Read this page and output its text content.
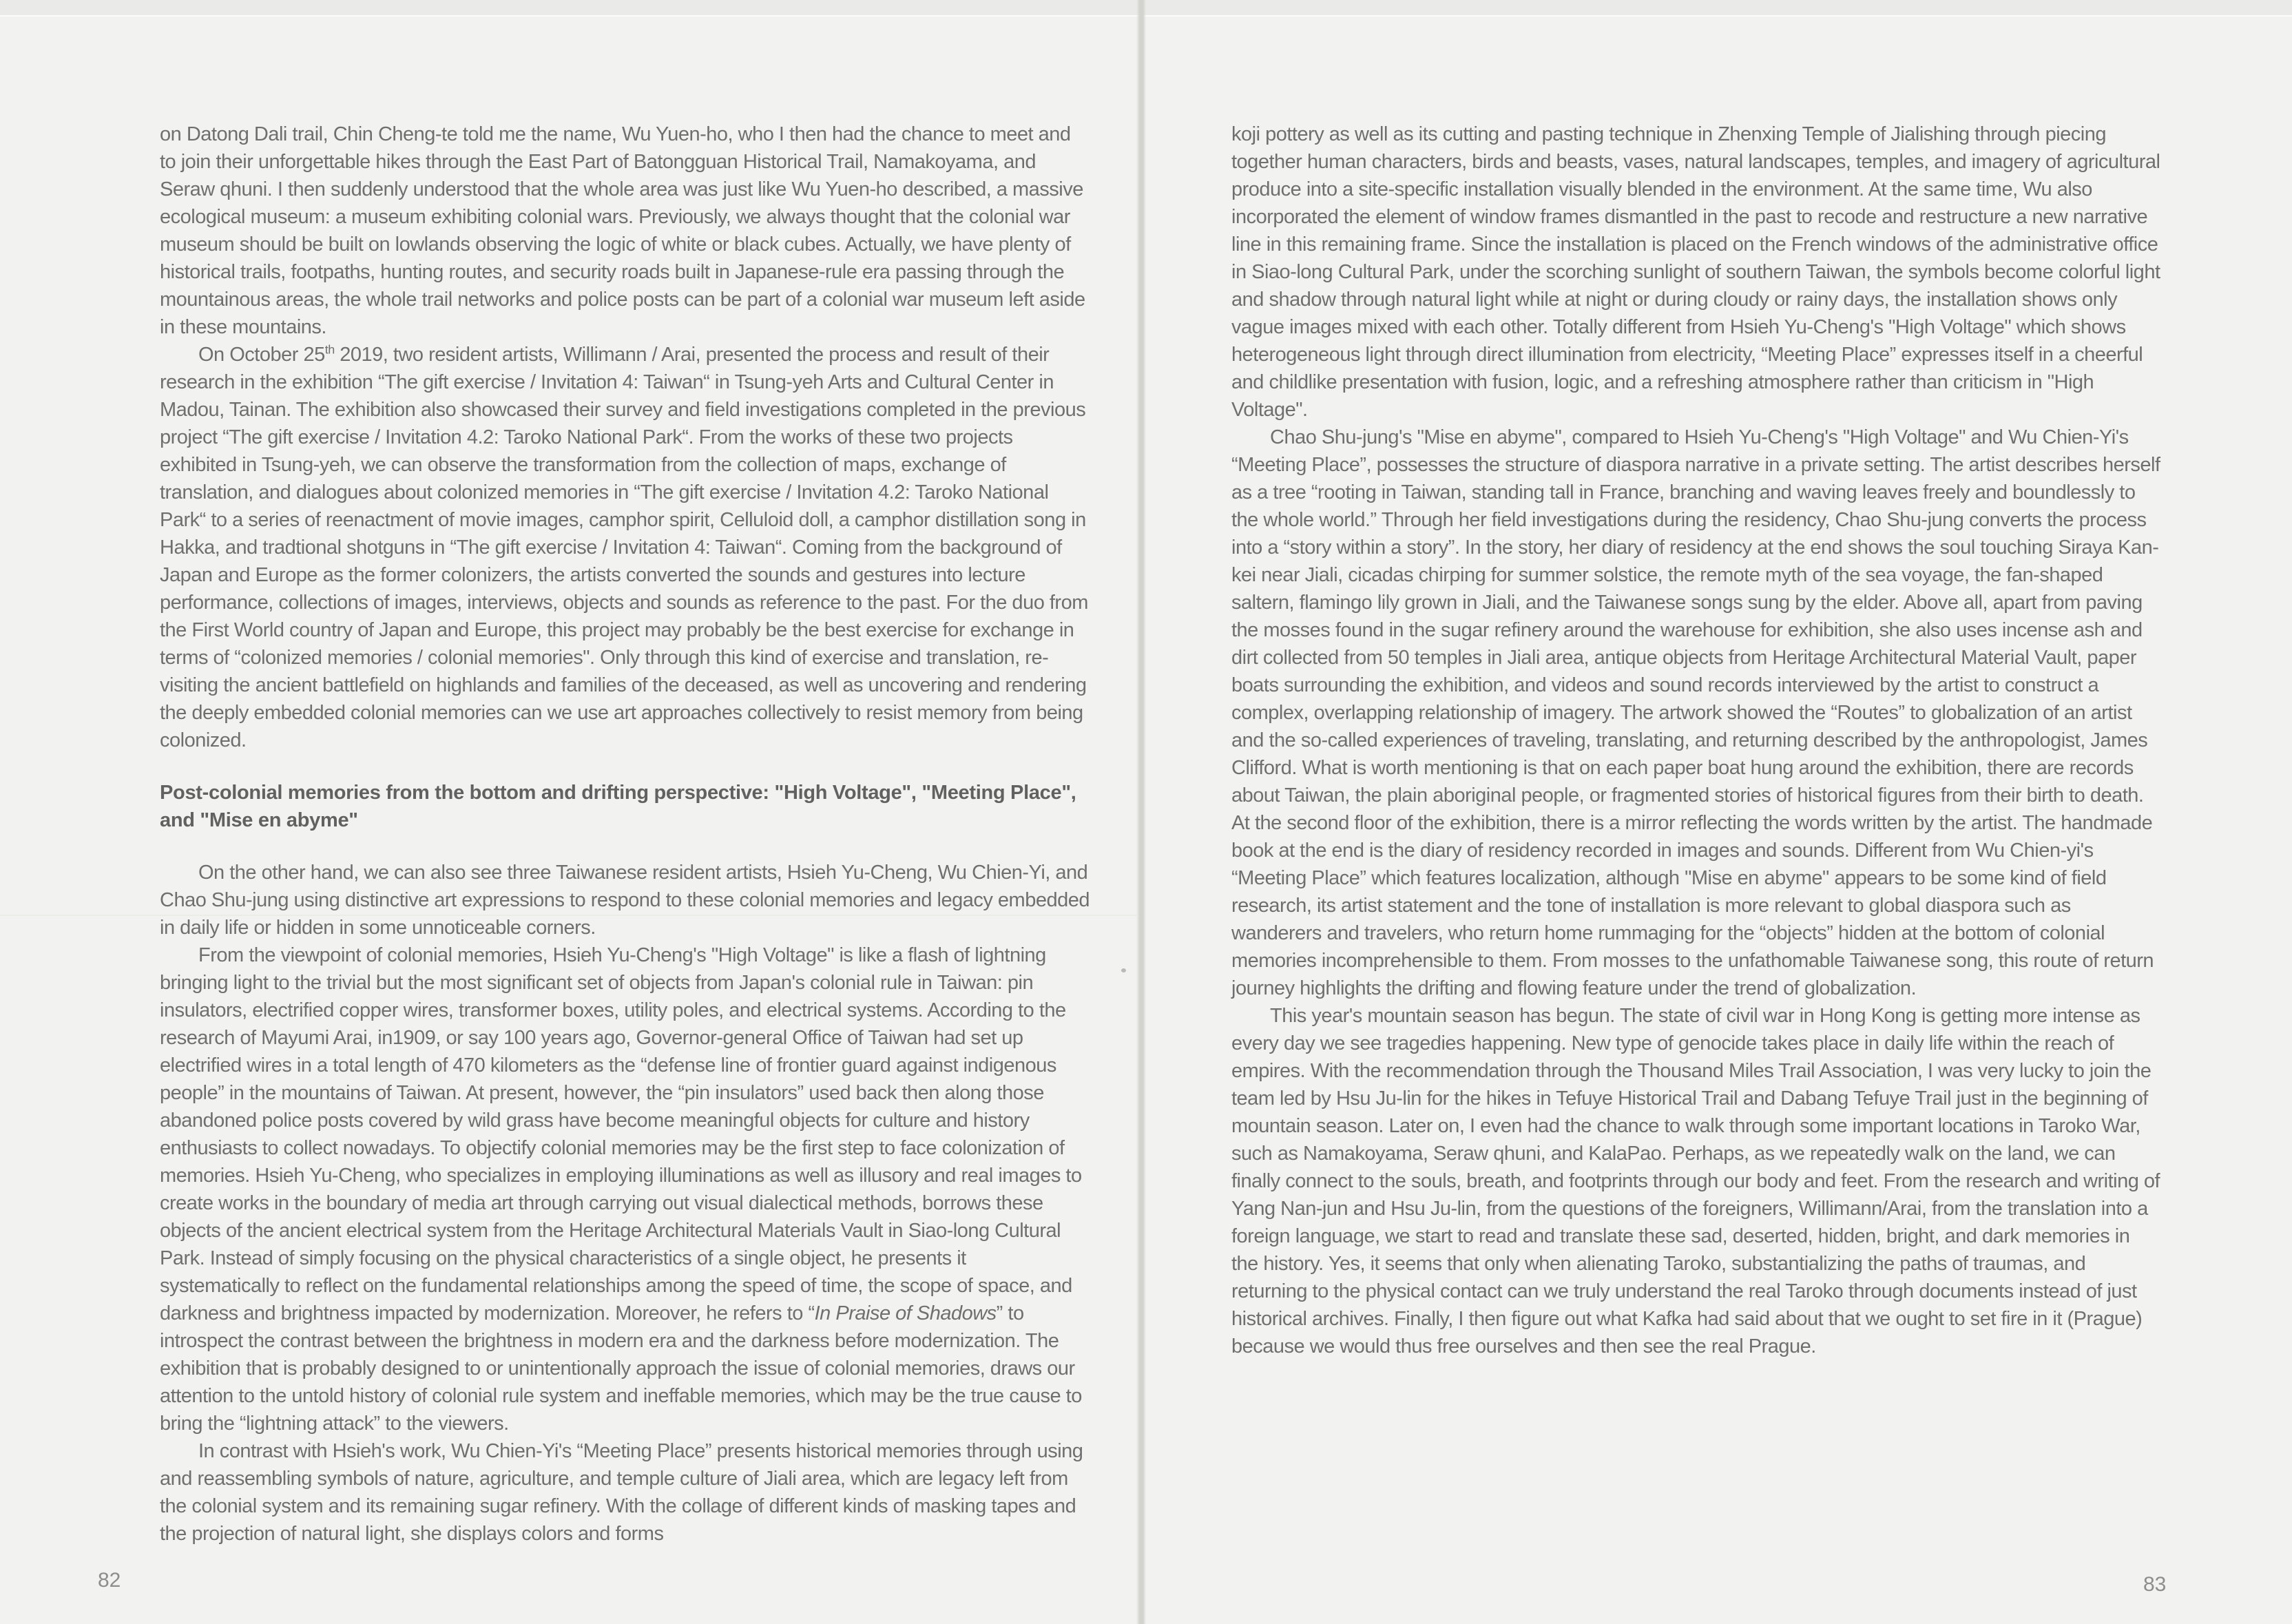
on Datong Dali trail, Chin Cheng-te told me the name, Wu Yuen-ho, who I then had the chance to meet and to join their unforgettable hikes through the East Part of Batongguan Historical Trail, Namakoyama, and Seraw qhuni. I then suddenly understood that the whole area was just like Wu Yuen-ho described, a massive ecological museum: a museum exhibiting colonial wars. Previously, we always thought that the colonial war museum should be built on lowlands observing the logic of white or black cubes. Actually, we have plenty of historical trails, footpaths, hunting routes, and security roads built in Japanese-rule era passing through the mountainous areas, the whole trail networks and police posts can be part of a colonial war museum left aside in these mountains.

On October 25th 2019, two resident artists, Willimann / Arai, presented the process and result of their research in the exhibition “The gift exercise / Invitation 4: Taiwan“ in Tsung-yeh Arts and Cultural Center in Madou, Tainan. The exhibition also showcased their survey and field investigations completed in the previous project “The gift exercise / Invitation 4.2: Taroko National Park“. From the works of these two projects exhibited in Tsung-yeh, we can observe the transformation from the collection of maps, exchange of translation, and dialogues about colonized memories in “The gift exercise / Invitation 4.2: Taroko National Park“ to a series of reenactment of movie images, camphor spirit, Celluloid doll, a camphor distillation song in Hakka, and tradtional shotguns in “The gift exercise / Invitation 4: Taiwan“. Coming from the background of Japan and Europe as the former colonizers, the artists converted the sounds and gestures into lecture performance, collections of images, interviews, objects and sounds as reference to the past. For the duo from the First World country of Japan and Europe, this project may probably be the best exercise for exchange in terms of “colonized memories / colonial memories". Only through this kind of exercise and translation, re-visiting the ancient battlefield on highlands and families of the deceased, as well as uncovering and rendering the deeply embedded colonial memories can we use art approaches collectively to resist memory from being colonized.

Post-colonial memories from the bottom and drifting perspective: "High Voltage", "Meeting Place", and "Mise en abyme"

On the other hand, we can also see three Taiwanese resident artists, Hsieh Yu-Cheng, Wu Chien-Yi, and Chao Shu-jung using distinctive art expressions to respond to these colonial memories and legacy embedded in daily life or hidden in some unnoticeable corners.

From the viewpoint of colonial memories, Hsieh Yu-Cheng's "High Voltage" is like a flash of lightning bringing light to the trivial but the most significant set of objects from Japan's colonial rule in Taiwan: pin insulators, electrified copper wires, transformer boxes, utility poles, and electrical systems. According to the research of Mayumi Arai, in1909, or say 100 years ago, Governor-general Office of Taiwan had set up electrified wires in a total length of 470 kilometers as the “defense line of frontier guard against indigenous people” in the mountains of Taiwan. At present, however, the “pin insulators” used back then along those abandoned police posts covered by wild grass have become meaningful objects for culture and history enthusiasts to collect nowadays. To objectify colonial memories may be the first step to face colonization of memories. Hsieh Yu-Cheng, who specializes in employing illuminations as well as illusory and real images to create works in the boundary of media art through carrying out visual dialectical methods, borrows these objects of the ancient electrical system from the Heritage Architectural Materials Vault in Siao-long Cultural Park. Instead of simply focusing on the physical characteristics of a single object, he presents it systematically to reflect on the fundamental relationships among the speed of time, the scope of space, and darkness and brightness impacted by modernization. Moreover, he refers to “In Praise of Shadows” to introspect the contrast between the brightness in modern era and the darkness before modernization. The exhibition that is probably designed to or unintentionally approach the issue of colonial memories, draws our attention to the untold history of colonial rule system and ineffable memories, which may be the true cause to bring the “lightning attack” to the viewers.

In contrast with Hsieh's work, Wu Chien-Yi's “Meeting Place” presents historical memories through using and reassembling symbols of nature, agriculture, and temple culture of Jiali area, which are legacy left from the colonial system and its remaining sugar refinery. With the collage of different kinds of masking tapes and the projection of natural light, she displays colors and forms

koji pottery as well as its cutting and pasting technique in Zhenxing Temple of Jialishing through piecing together human characters, birds and beasts, vases, natural landscapes, temples, and imagery of agricultural produce into a site-specific installation visually blended in the environment. At the same time, Wu also incorporated the element of window frames dismantled in the past to recode and restructure a new narrative line in this remaining frame. Since the installation is placed on the French windows of the administrative office in Siao-long Cultural Park, under the scorching sunlight of southern Taiwan, the symbols become colorful light and shadow through natural light while at night or during cloudy or rainy days, the installation shows only vague images mixed with each other. Totally different from Hsieh Yu-Cheng's "High Voltage" which shows heterogeneous light through direct illumination from electricity, “Meeting Place” expresses itself in a cheerful and childlike presentation with fusion, logic, and a refreshing atmosphere rather than criticism in "High Voltage".

Chao Shu-jung's "Mise en abyme", compared to Hsieh Yu-Cheng's "High Voltage" and Wu Chien-Yi's “Meeting Place”, possesses the structure of diaspora narrative in a private setting. The artist describes herself as a tree “rooting in Taiwan, standing tall in France, branching and waving leaves freely and boundlessly to the whole world.” Through her field investigations during the residency, Chao Shu-jung converts the process into a “story within a story”. In the story, her diary of residency at the end shows the soul touching Siraya Kan-kei near Jiali, cicadas chirping for summer solstice, the remote myth of the sea voyage, the fan-shaped saltern, flamingo lily grown in Jiali, and the Taiwanese songs sung by the elder. Above all, apart from paving the mosses found in the sugar refinery around the warehouse for exhibition, she also uses incense ash and dirt collected from 50 temples in Jiali area, antique objects from Heritage Architectural Material Vault, paper boats surrounding the exhibition, and videos and sound records interviewed by the artist to construct a complex, overlapping relationship of imagery. The artwork showed the “Routes” to globalization of an artist and the so-called experiences of traveling, translating, and returning described by the anthropologist, James Clifford. What is worth mentioning is that on each paper boat hung around the exhibition, there are records about Taiwan, the plain aboriginal people, or fragmented stories of historical figures from their birth to death. At the second floor of the exhibition, there is a mirror reflecting the words written by the artist. The handmade book at the end is the diary of residency recorded in images and sounds. Different from Wu Chien-yi's “Meeting Place” which features localization, although "Mise en abyme" appears to be some kind of field research, its artist statement and the tone of installation is more relevant to global diaspora such as wanderers and travelers, who return home rummaging for the “objects” hidden at the bottom of colonial memories incomprehensible to them. From mosses to the unfathomable Taiwanese song, this route of return journey highlights the drifting and flowing feature under the trend of globalization.

This year's mountain season has begun. The state of civil war in Hong Kong is getting more intense as every day we see tragedies happening. New type of genocide takes place in daily life within the reach of empires. With the recommendation through the Thousand Miles Trail Association, I was very lucky to join the team led by Hsu Ju-lin for the hikes in Tefuye Historical Trail and Dabang Tefuye Trail just in the beginning of mountain season. Later on, I even had the chance to walk through some important locations in Taroko War, such as Namakoyama, Seraw qhuni, and KalaPao. Perhaps, as we repeatedly walk on the land, we can finally connect to the souls, breath, and footprints through our body and feet. From the research and writing of Yang Nan-jun and Hsu Ju-lin, from the questions of the foreigners, Willimann/Arai, from the translation into a foreign language, we start to read and translate these sad, deserted, hidden, bright, and dark memories in the history. Yes, it seems that only when alienating Taroko, substantializing the paths of traumas, and returning to the physical contact can we truly understand the real Taroko through documents instead of just historical archives. Finally, I then figure out what Kafka had said about that we ought to set fire in it (Prague) because we would thus free ourselves and then see the real Prague.

82	83
